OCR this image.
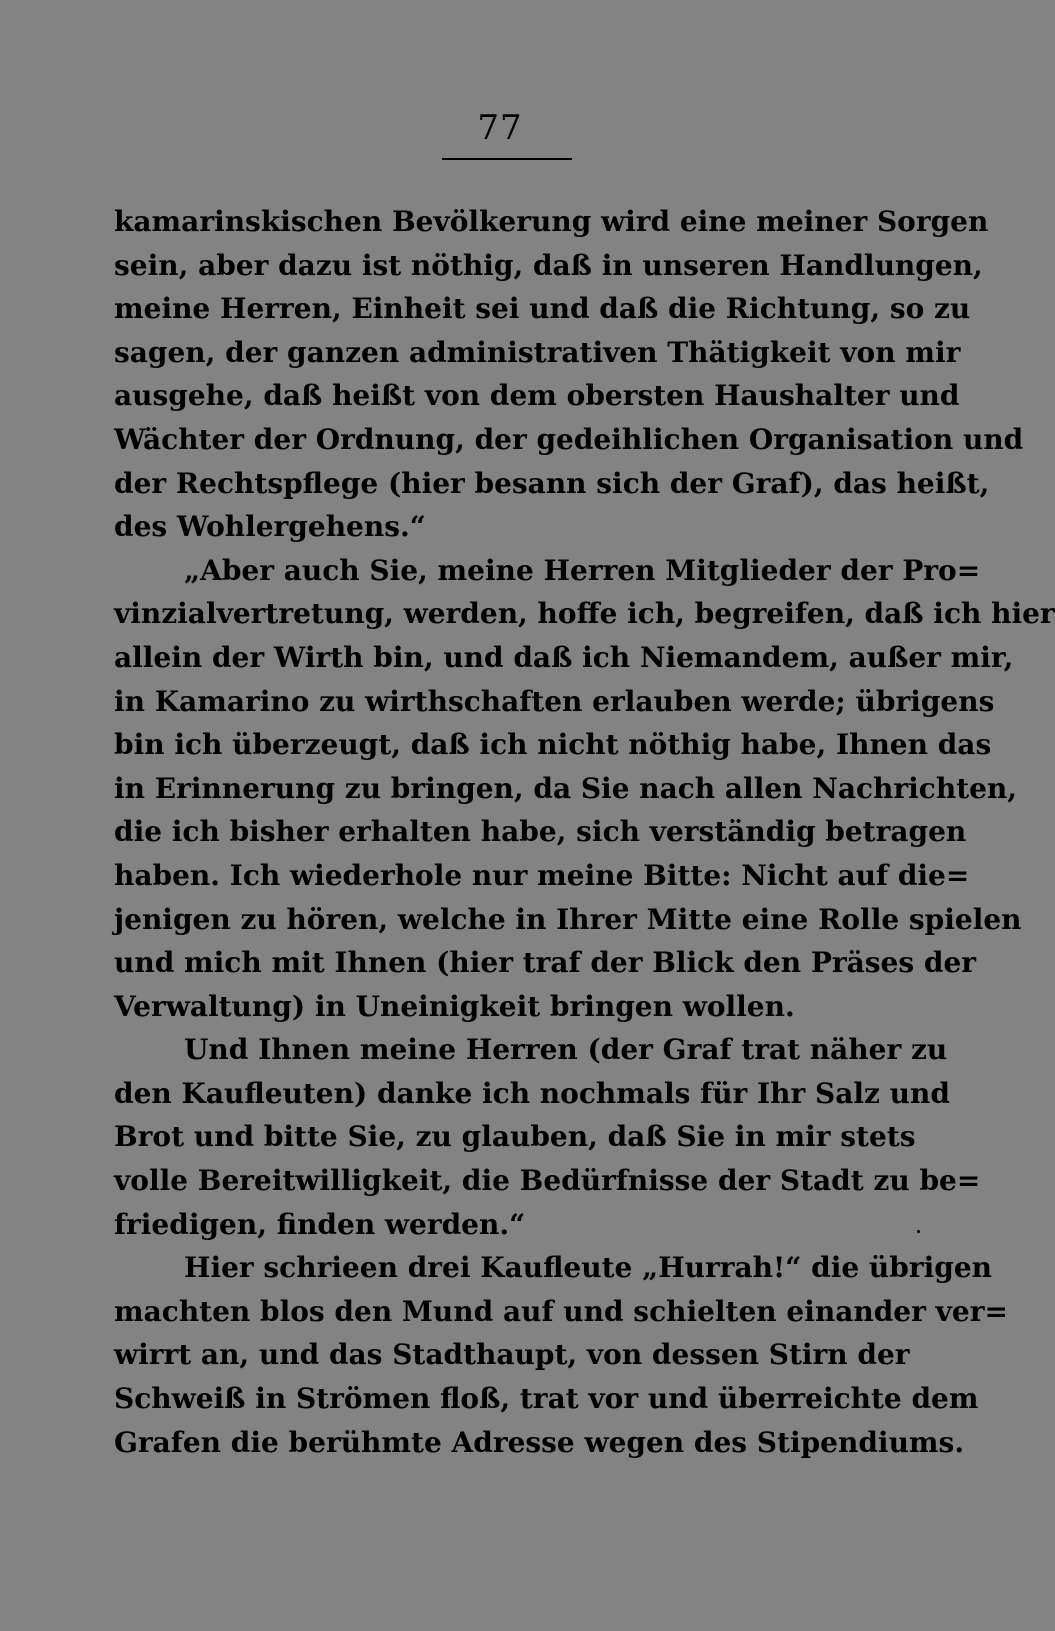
77
kamarinskischen Bevölkerung wird eine meiner Sorgen
sein, aber dazu ist nöthig, daß in unseren Handlungen,
meine Herren, Einheit sei und daß die Richtung, so zu
sagen, der ganzen administrativen Thätigkeit von mir
ausgehe, daß heißt von dem obersten Haushalter und
Wächter der Ordnung, der gedeihlichen Organisation und
der Rechtspflege (hier besann sich der Graf), das heißt,
des Wohlergehens.“
„Aber auch Sie, meine Herren Mitglieder der Pro=
vinzialvertretung, werden, hoffe ich, begreifen, daß ich hier
allein der Wirth bin, und daß ich Niemandem, außer mir,
in Kamarino zu wirthschaften erlauben werde; übrigens
bin ich überzeugt, daß ich nicht nöthig habe, Ihnen das
in Erinnerung zu bringen, da Sie nach allen Nachrichten,
die ich bisher erhalten habe, sich verständig betragen
haben. Ich wiederhole nur meine Bitte: Nicht auf die=
jenigen zu hören, welche in Ihrer Mitte eine Rolle spielen
und mich mit Ihnen (hier traf der Blick den Präses der
Verwaltung) in Uneinigkeit bringen wollen.
Und Ihnen meine Herren (der Graf trat näher zu
den Kaufleuten) danke ich nochmals für Ihr Salz und
Brot und bitte Sie, zu glauben, daß Sie in mir stets
volle Bereitwilligkeit, die Bedürfnisse der Stadt zu be=
friedigen, finden werden.“
Hier schrieen drei Kaufleute „Hurrah!“ die übrigen
machten blos den Mund auf und schielten einander ver=
wirrt an, und das Stadthaupt, von dessen Stirn der
Schweiß in Strömen floß, trat vor und überreichte dem
Grafen die berühmte Adresse wegen des Stipendiums.
